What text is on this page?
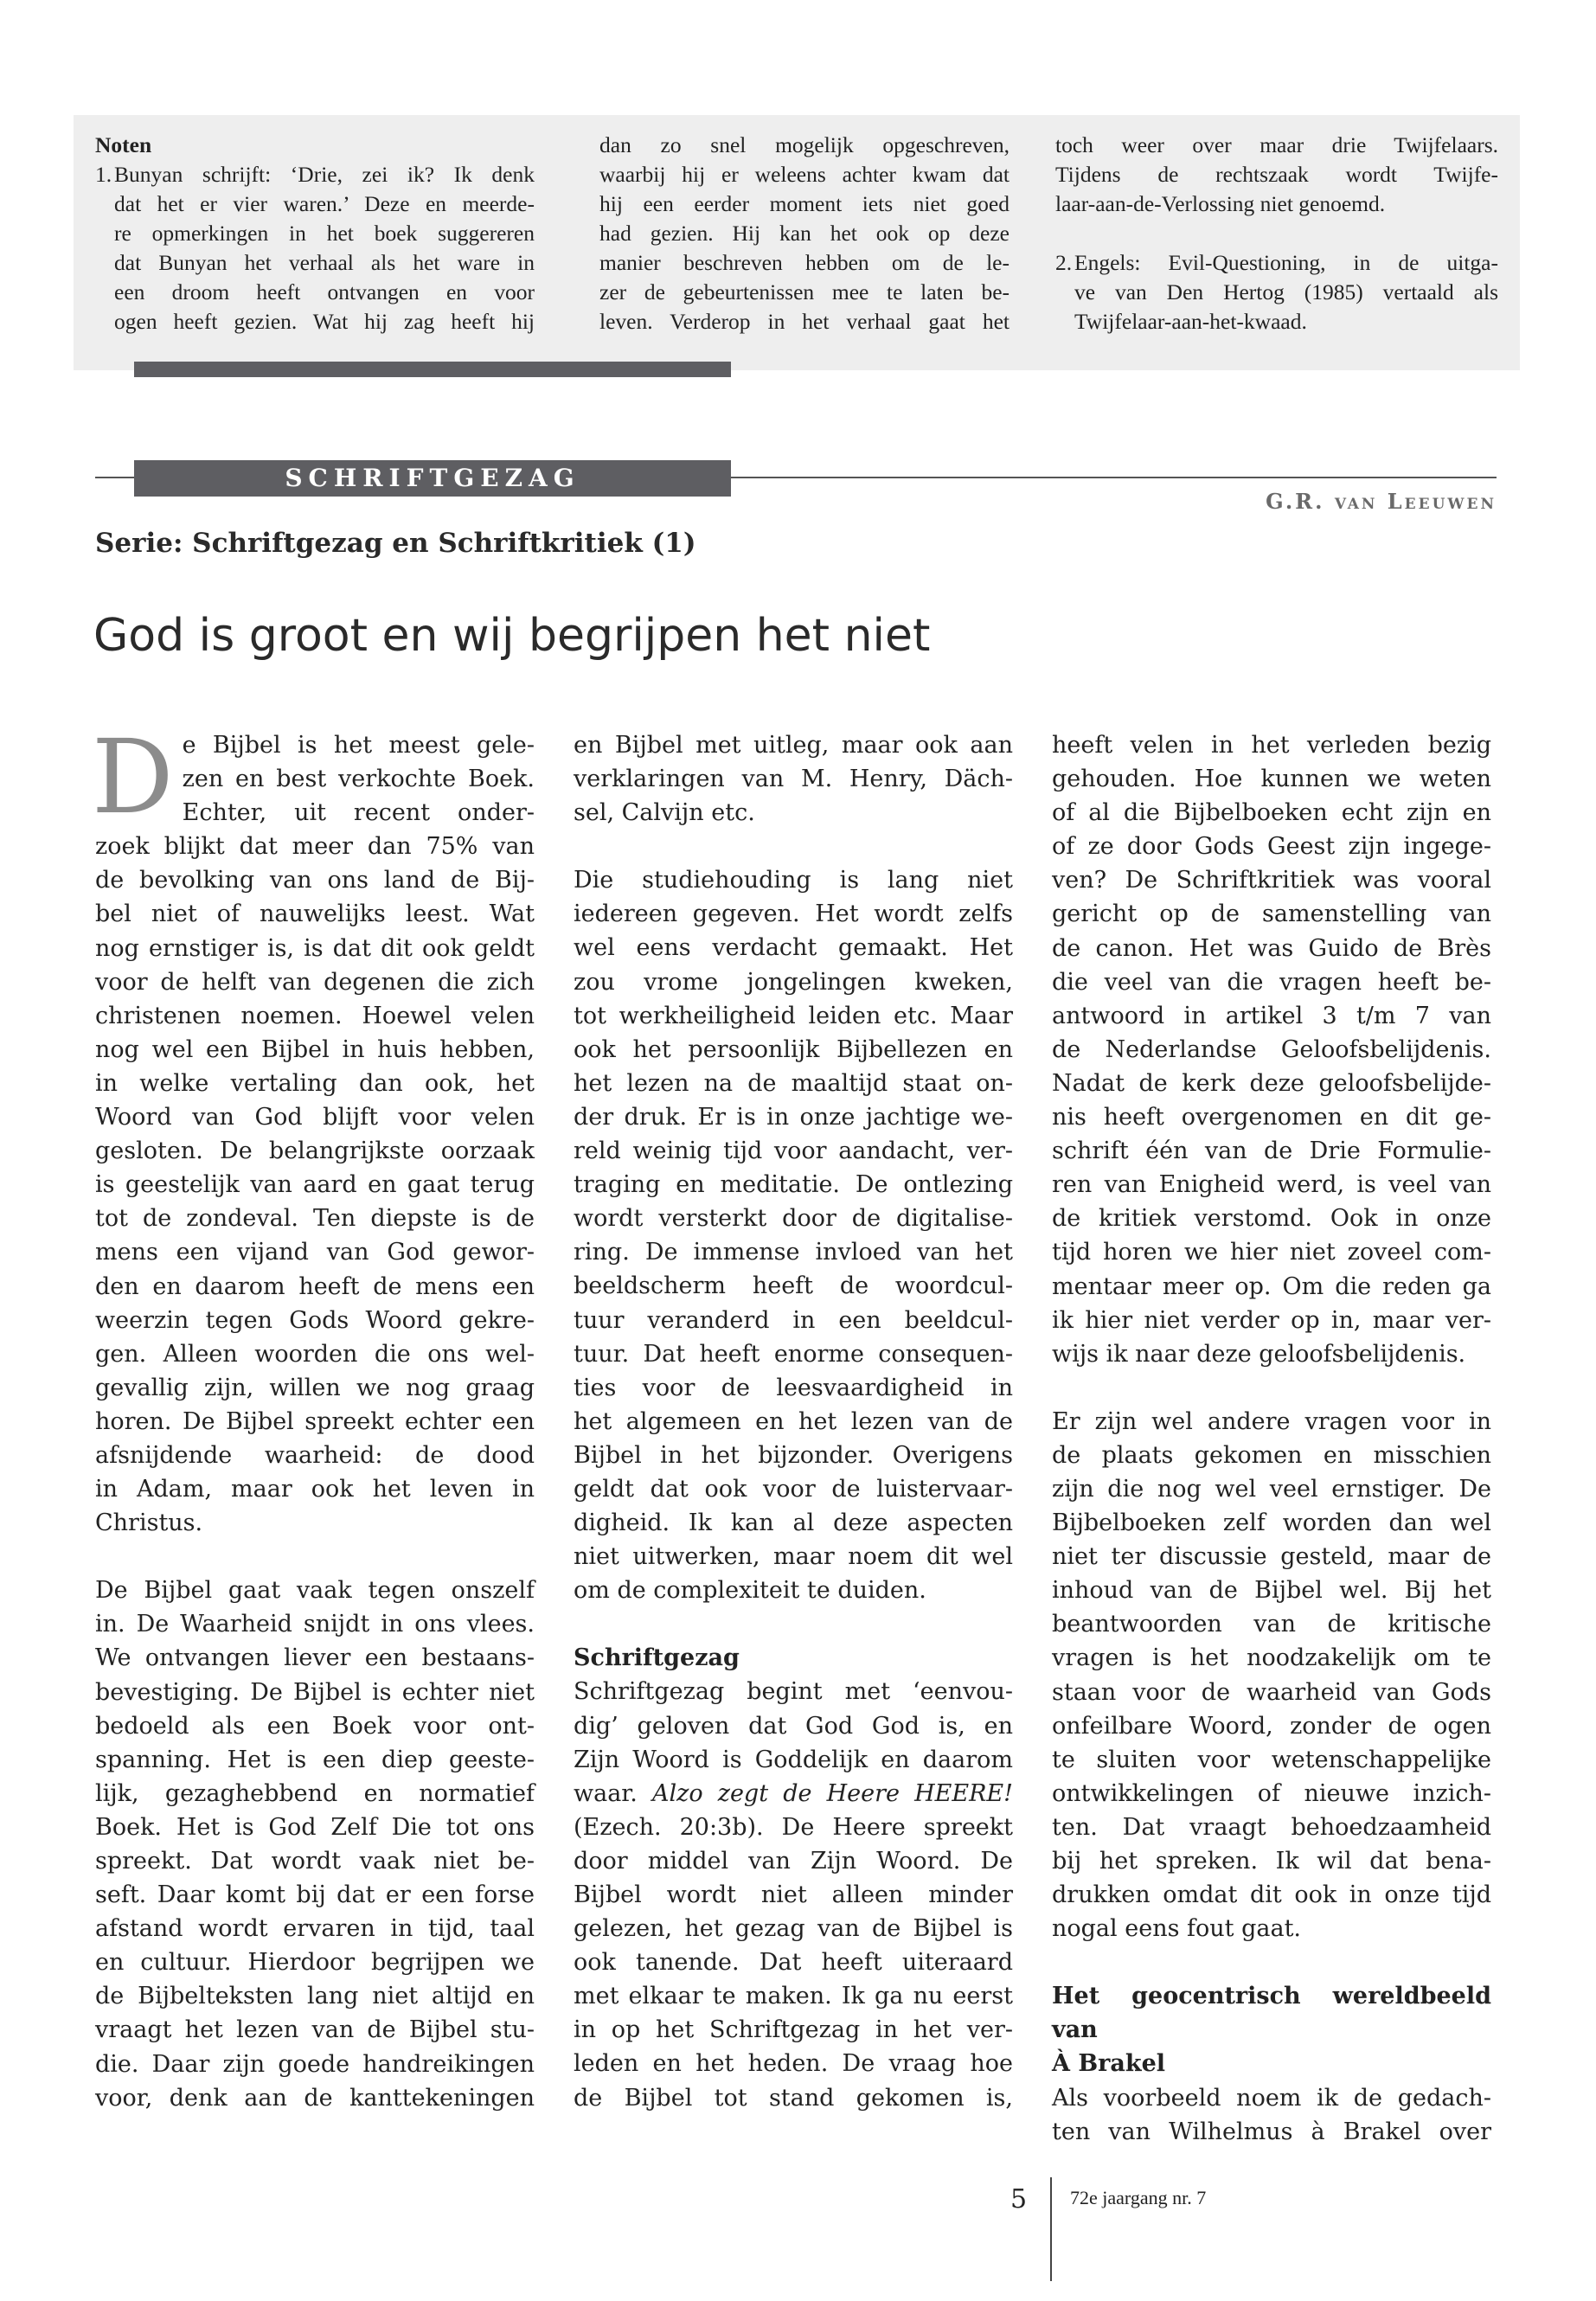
Noten
1. Bunyan schrijft: ‘Drie, zei ik? Ik denk
dat het er vier waren.’ Deze en meerde-
re opmerkingen in het boek suggereren
dat Bunyan het verhaal als het ware in
een droom heeft ontvangen en voor
ogen heeft gezien. Wat hij zag heeft hij
dan zo snel mogelijk opgeschreven,
waarbij hij er weleens achter kwam dat
hij een eerder moment iets niet goed
had gezien. Hij kan het ook op deze
manier beschreven hebben om de le-
zer de gebeurtenissen mee te laten be-
leven. Verderop in het verhaal gaat het
toch weer over maar drie Twijfelaars.
Tijdens de rechtszaak wordt Twijfe-
laar-aan-de-Verlossing niet genoemd.
2. Engels: Evil-Questioning, in de uitga-
ve van Den Hertog (1985) vertaald als
Twijfelaar-aan-het-kwaad.
SCHRIFTGEZAG
G.R. van Leeuwen
Serie: Schriftgezag en Schriftkritiek (1)
God is groot en wij begrijpen het niet
D e Bijbel is het meest gele-
zen en best verkochte Boek.
Echter, uit recent onder-
zoek blijkt dat meer dan 75% van
de bevolking van ons land de Bij-
bel niet of nauwelijks leest. Wat
nog ernstiger is, is dat dit ook geldt
voor de helft van degenen die zich
christenen noemen. Hoewel velen
nog wel een Bijbel in huis hebben,
in welke vertaling dan ook, het
Woord van God blijft voor velen
gesloten. De belangrijkste oorzaak
is geestelijk van aard en gaat terug
tot de zondeval. Ten diepste is de
mens een vijand van God gewor-
den en daarom heeft de mens een
weerzin tegen Gods Woord gekre-
gen. Alleen woorden die ons wel-
gevallig zijn, willen we nog graag
horen. De Bijbel spreekt echter een
afsnijdende waarheid: de dood
in Adam, maar ook het leven in
Christus.
De Bijbel gaat vaak tegen onszelf
in. De Waarheid snijdt in ons vlees.
We ontvangen liever een bestaans-
bevestiging. De Bijbel is echter niet
bedoeld als een Boek voor ont-
spanning. Het is een diep geeste-
lijk, gezaghebbend en normatief
Boek. Het is God Zelf Die tot ons
spreekt. Dat wordt vaak niet be-
seft. Daar komt bij dat er een forse
afstand wordt ervaren in tijd, taal
en cultuur. Hierdoor begrijpen we
de Bijbelteksten lang niet altijd en
vraagt het lezen van de Bijbel stu-
die. Daar zijn goede handreikingen
voor, denk aan de kanttekeningen
en Bijbel met uitleg, maar ook aan
verklaringen van M. Henry, Däch-
sel, Calvijn etc.
Die studiehouding is lang niet
iedereen gegeven. Het wordt zelfs
wel eens verdacht gemaakt. Het
zou vrome jongelingen kweken,
tot werkheiligheid leiden etc. Maar
ook het persoonlijk Bijbellezen en
het lezen na de maaltijd staat on-
der druk. Er is in onze jachtige we-
reld weinig tijd voor aandacht, ver-
traging en meditatie. De ontlezing
wordt versterkt door de digitalise-
ring. De immense invloed van het
beeldscherm heeft de woordcul-
tuur veranderd in een beeldcul-
tuur. Dat heeft enorme consequen-
ties voor de leesvaardigheid in
het algemeen en het lezen van de
Bijbel in het bijzonder. Overigens
geldt dat ook voor de luistervaar-
digheid. Ik kan al deze aspecten
niet uitwerken, maar noem dit wel
om de complexiteit te duiden.
Schriftgezag
Schriftgezag begint met ‘eenvou-
dig’ geloven dat God God is, en
Zijn Woord is Goddelijk en daarom
waar. Alzo zegt de Heere HEERE!
(Ezech. 20:3b). De Heere spreekt
door middel van Zijn Woord. De
Bijbel wordt niet alleen minder
gelezen, het gezag van de Bijbel is
ook tanende. Dat heeft uiteraard
met elkaar te maken. Ik ga nu eerst
in op het Schriftgezag in het ver-
leden en het heden. De vraag hoe
de Bijbel tot stand gekomen is,
heeft velen in het verleden bezig
gehouden. Hoe kunnen we weten
of al die Bijbelboeken echt zijn en
of ze door Gods Geest zijn ingege-
ven? De Schriftkritiek was vooral
gericht op de samenstelling van
de canon. Het was Guido de Brès
die veel van die vragen heeft be-
antwoord in artikel 3 t/m 7 van
de Nederlandse Geloofsbelijdenis.
Nadat de kerk deze geloofsbelijde-
nis heeft overgenomen en dit ge-
schrift één van de Drie Formulie-
ren van Enigheid werd, is veel van
de kritiek verstomd. Ook in onze
tijd horen we hier niet zoveel com-
mentaar meer op. Om die reden ga
ik hier niet verder op in, maar ver-
wijs ik naar deze geloofsbelijdenis.
Er zijn wel andere vragen voor in
de plaats gekomen en misschien
zijn die nog wel veel ernstiger. De
Bijbelboeken zelf worden dan wel
niet ter discussie gesteld, maar de
inhoud van de Bijbel wel. Bij het
beantwoorden van de kritische
vragen is het noodzakelijk om te
staan voor de waarheid van Gods
onfeilbare Woord, zonder de ogen
te sluiten voor wetenschappelijke
ontwikkelingen of nieuwe inzich-
ten. Dat vraagt behoedzaamheid
bij het spreken. Ik wil dat bena-
drukken omdat dit ook in onze tijd
nogal eens fout gaat.
Het geocentrisch wereldbeeld van
À Brakel
Als voorbeeld noem ik de gedach-
ten van Wilhelmus à Brakel over
5 72e jaargang nr. 7
